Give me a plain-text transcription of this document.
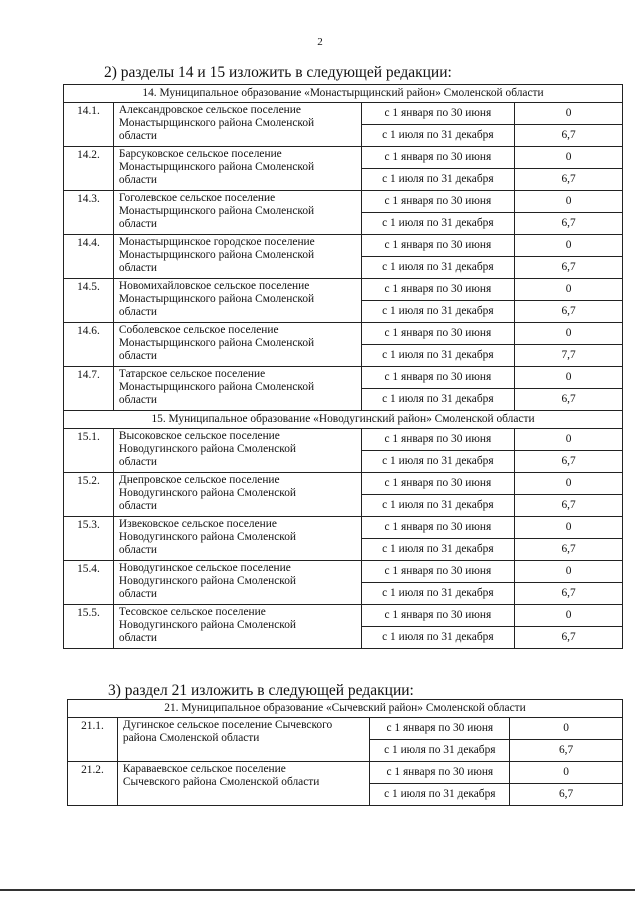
2
2) разделы 14 и 15 изложить в следующей редакции:
14. Муниципальное образование «Монастырщинский район» Смоленской области			
14.1.	Александровское сельское поселение
Монастырщинского района Смоленской
области	с 1 января по 30 июня	0
		с 1 июля по 31 декабря	6,7
14.2.	Барсуковское сельское поселение
Монастырщинского района Смоленской
области	с 1 января по 30 июня	0
		с 1 июля по 31 декабря	6,7
14.3.	Гоголевское сельское поселение
Монастырщинского района Смоленской
области	с 1 января по 30 июня	0
		с 1 июля по 31 декабря	6,7
14.4.	Монастырщинское городское поселение
Монастырщинского района Смоленской
области	с 1 января по 30 июня	0
		с 1 июля по 31 декабря	6,7
14.5.	Новомихайловское сельское поселение
Монастырщинского района Смоленской
области	с 1 января по 30 июня	0
		с 1 июля по 31 декабря	6,7
14.6.	Соболевское сельское поселение
Монастырщинского района Смоленской
области	с 1 января по 30 июня	0
		с 1 июля по 31 декабря	7,7
14.7.	Татарское сельское поселение
Монастырщинского района Смоленской
области	с 1 января по 30 июня	0
		с 1 июля по 31 декабря	6,7
15. Муниципальное образование «Новодугинский район» Смоленской области			
15.1.	Высоковское сельское поселение
Новодугинского района Смоленской
области	с 1 января по 30 июня	0
		с 1 июля по 31 декабря	6,7
15.2.	Днепровское сельское поселение
Новодугинского района Смоленской
области	с 1 января по 30 июня	0
		с 1 июля по 31 декабря	6,7
15.3.	Извековское сельское поселение
Новодугинского района Смоленской
области	с 1 января по 30 июня	0
		с 1 июля по 31 декабря	6,7
15.4.	Новодугинское сельское поселение
Новодугинского района Смоленской
области	с 1 января по 30 июня	0
		с 1 июля по 31 декабря	6,7
15.5.	Тесовское сельское поселение
Новодугинского района Смоленской
области	с 1 января по 30 июня	0
		с 1 июля по 31 декабря	6,7
3) раздел 21 изложить в следующей редакции:
21. Муниципальное образование «Сычевский район» Смоленской области			
21.1.	Дугинское сельское поселение Сычевского
района Смоленской области	с 1 января по 30 июня	0
		с 1 июля по 31 декабря	6,7
21.2.	Караваевское сельское поселение
Сычевского района Смоленской области	с 1 января по 30 июня	0
		с 1 июля по 31 декабря	6,7
